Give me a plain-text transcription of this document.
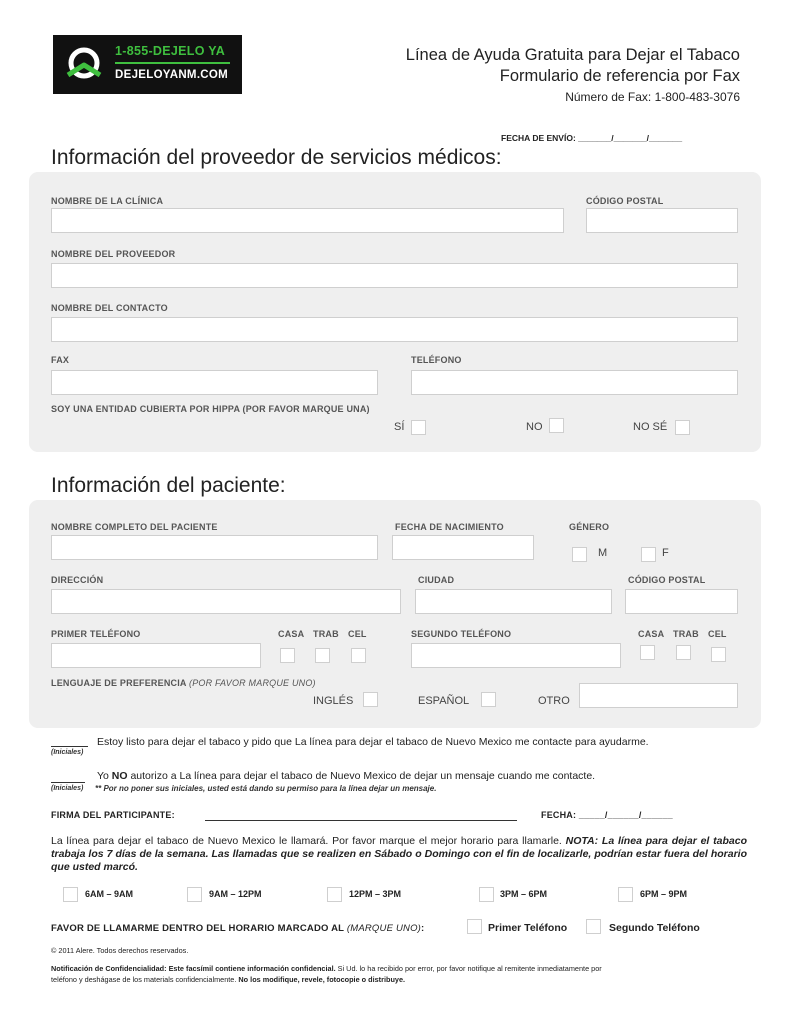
1-855-DEJELO YA
DEJELOYANM.COM
Línea de Ayuda Gratuita para Dejar el Tabaco
Formulario de referencia por Fax
Número de Fax: 1-800-483-3076
FECHA DE ENVÍO: _______/_______/_______
Información del proveedor de servicios médicos:
NOMBRE DE LA CLÍNICA	CÓDIGO POSTAL
NOMBRE DEL PROVEEDOR
NOMBRE DEL CONTACTO
FAX	TELÉFONO
SOY UNA ENTIDAD CUBIERTA POR HIPPA (POR FAVOR MARQUE UNA)
SÍ	NO	NO SÉ
Información del paciente:
NOMBRE COMPLETO DEL PACIENTE	FECHA DE NACIMIENTO	GÉNERO
M	F
DIRECCIÓN	CIUDAD	CÓDIGO POSTAL
PRIMER TELÉFONO	CASA TRAB CEL	SEGUNDO TELÉFONO	CASA TRAB CEL
LENGUAJE DE PREFERENCIA (POR FAVOR MARQUE UNO)
INGLÉS	ESPAÑOL	OTRO
(Iniciales)
Estoy listo para dejar el tabaco y pido que La línea para dejar el tabaco de Nuevo Mexico me contacte para ayudarme.
(Iniciales)
Yo NO autorizo a La línea para dejar el tabaco de Nuevo Mexico de dejar un mensaje cuando me contacte.
** Por no poner sus iniciales, usted está dando su permiso para la línea dejar un mensaje.
FIRMA DEL PARTICIPANTE:	FECHA: _____/______/______
La línea para dejar el tabaco de Nuevo Mexico le llamará. Por favor marque el mejor horario para llamarle. NOTA: La línea para dejar el tabaco trabaja los 7 días de la semana. Las llamadas que se realizen en Sábado o Domingo con el fin de localizarle, podrían estar fuera del horario que usted marcó.
6AM – 9AM	9AM – 12PM	12PM – 3PM	3PM – 6PM	6PM – 9PM
FAVOR DE LLAMARME DENTRO DEL HORARIO MARCADO AL (MARQUE UNO):	Primer Teléfono	Segundo Teléfono
© 2011 Alere. Todos derechos reservados.
Notificación de Confidencialidad: Este facsímil contiene información confidencial. Si Ud. lo ha recibido por error, por favor notifique al remitente inmediatamente por
teléfono y deshágase de los materials confidencialmente. No los modifique, revele, fotocopie o distribuye.
